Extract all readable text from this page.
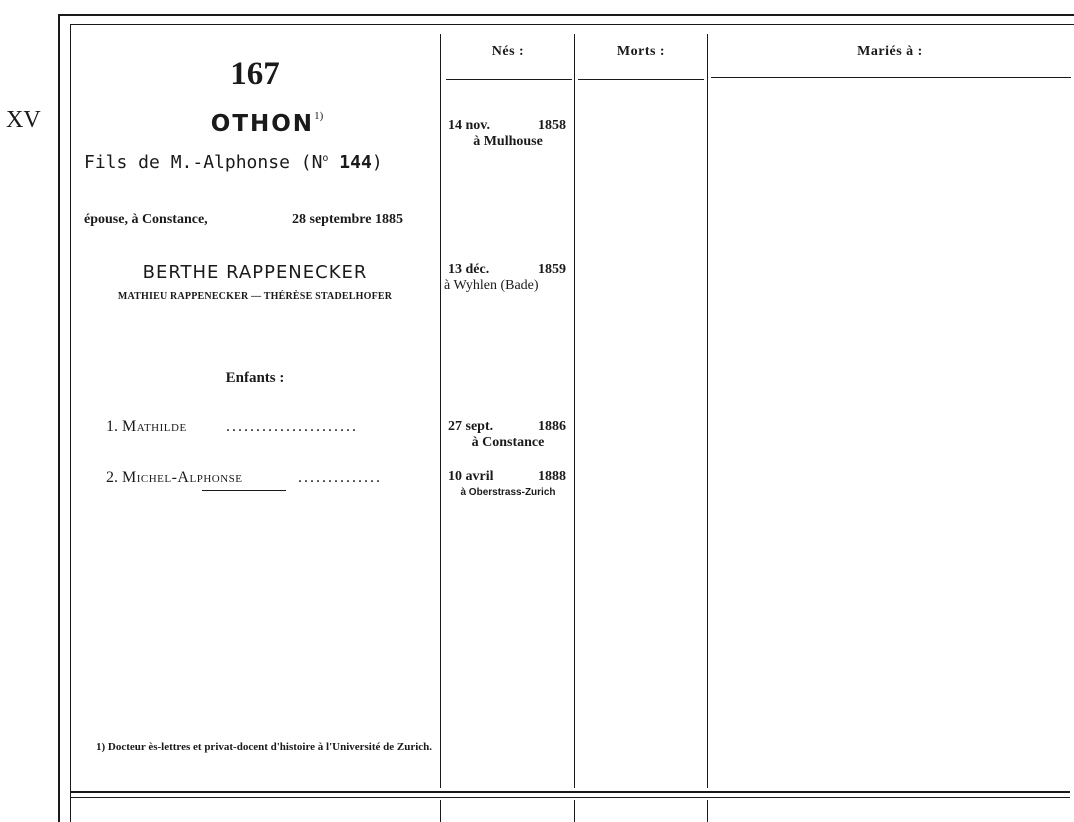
XV
Nés :	Morts :	Mariés à :
167
OTHON$^{1)}$
Fils de M.-Alphonse ($N^o$ 144)
épouse, à Constance,	28 septembre 1885
BERTHE RAPPENECKER
MATHIEU RAPPENECKER — THÉRÈSE STADELHOFER
Enfants :
1. Mathilde ......................
2. Michel-Alphonse	..............
1) Docteur ès-lettres et privat-docent d'histoire à l'Université de Zurich.
14 nov.	1858
à Mulhouse
13 déc.	1859
à Wyhlen (Bade)
27 sept.	1886
à Constance
10 avril	1888
à Oberstrass-Zurich
